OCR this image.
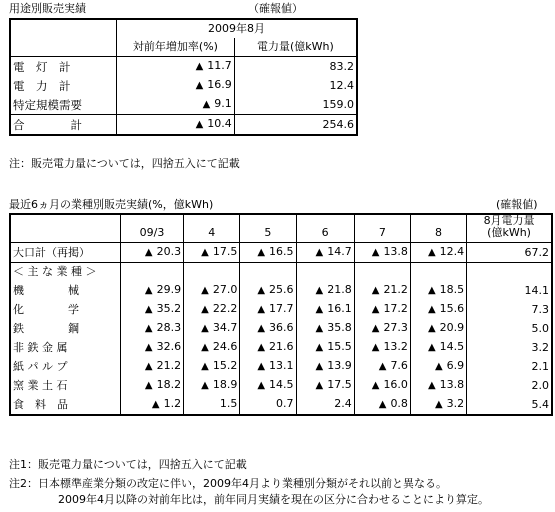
用途別販売実績	（確報値）
	2009年8月	
	対前年増加率(%)	電力量(億kWh)
電　灯　計	▲ 11.7	83.2
電　力　計	▲ 16.9	12.4
特定規模需要	▲ 9.1	159.0
合　　　　計	▲ 10.4	254.6
注：販売電力量については，四捨五入にて記載
最近6ヵ月の業種別販売実績(%，億kWh)	(確報値)
	09/3	4	5	6	7	8	8月電力量
(億kWh)

大口計（再掲）	▲ 20.3	▲ 17.5	▲ 16.5	▲ 14.7	▲ 13.8	▲ 12.4	67.2
＜ 主 な 業 種 ＞							
機　　　　械	▲ 29.9	▲ 27.0	▲ 25.6	▲ 21.8	▲ 21.2	▲ 18.5	14.1
化　　　　学	▲ 35.2	▲ 22.2	▲ 17.7	▲ 16.1	▲ 17.2	▲ 15.6	7.3
鉄　　　　鋼	▲ 28.3	▲ 34.7	▲ 36.6	▲ 35.8	▲ 27.3	▲ 20.9	5.0
非 鉄 金 属	▲ 32.6	▲ 24.6	▲ 21.6	▲ 15.5	▲ 13.2	▲ 14.5	3.2
紙 パ ル プ	▲ 21.2	▲ 15.2	▲ 13.1	▲ 13.9	▲ 7.6	▲ 6.9	2.1
窯 業 土 石	▲ 18.2	▲ 18.9	▲ 14.5	▲ 17.5	▲ 16.0	▲ 13.8	2.0
食　料　品	▲ 1.2	1.5	0.7	2.4	▲ 0.8	▲ 3.2	5.4
注1：販売電力量については，四捨五入にて記載
注2：日本標準産業分類の改定に伴い，2009年4月より業種別分類がそれ以前と異なる。
2009年4月以降の対前年比は，前年同月実績を現在の区分に合わせることにより算定。
